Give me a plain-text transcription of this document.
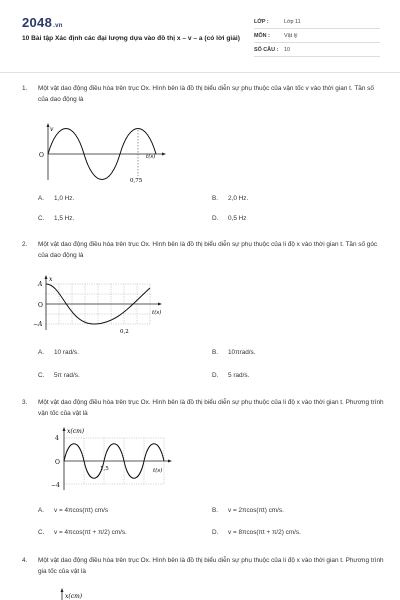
2048.vn
10 Bài tập Xác định các đại lượng dựa vào đồ thị x – v – a (có lời giải)
LỚP :	Lớp 11
MÔN :	Vật lý
SỐ CÂU : 10
1. Một vật dao động điều hòa trên trục Ox. Hình bên là đồ thị biểu diễn sự phụ thuộc của vận tốc v vào thời gian t. Tần số của dao động là
v
O	t(s)
0,75
A. 1,0 Hz.	B. 2,0 Hz.
C. 1,5 Hz.	D. 0,5 Hz
2. Một vật dao động điều hòa trên trục Ox. Hình bên là đồ thị biểu diễn sự phụ thuộc của li độ x vào thời gian t. Tần số góc của dao động là
x
A
O
−A
t(s)
0,2
A. 10 rad/s.	B. 10πrad/s.
C. 5π rad/s.	D. 5 rad/s.
3. Một vật dao động điều hòa trên trục Ox. Hình bên là đồ thị biểu diễn sự phụ thuộc của li độ x vào thời gian t. Phương trình vận tốc của vật là
x(cm)
4
O
−4
t(s)
1,5
A. v = 4πcos(πt) cm/s	B. v = 2πcos(πt) cm/s.
C. v = 4πcos(πt + π/2) cm/s.	D. v = 8πcos(πt + π/2) cm/s.
4. Một vật dao động điều hòa trên trục Ox. Hình bên là đồ thị biểu diễn sự phụ thuộc của li độ x vào thời gian t. Phương trình gia tốc của vật là
x(cm)
